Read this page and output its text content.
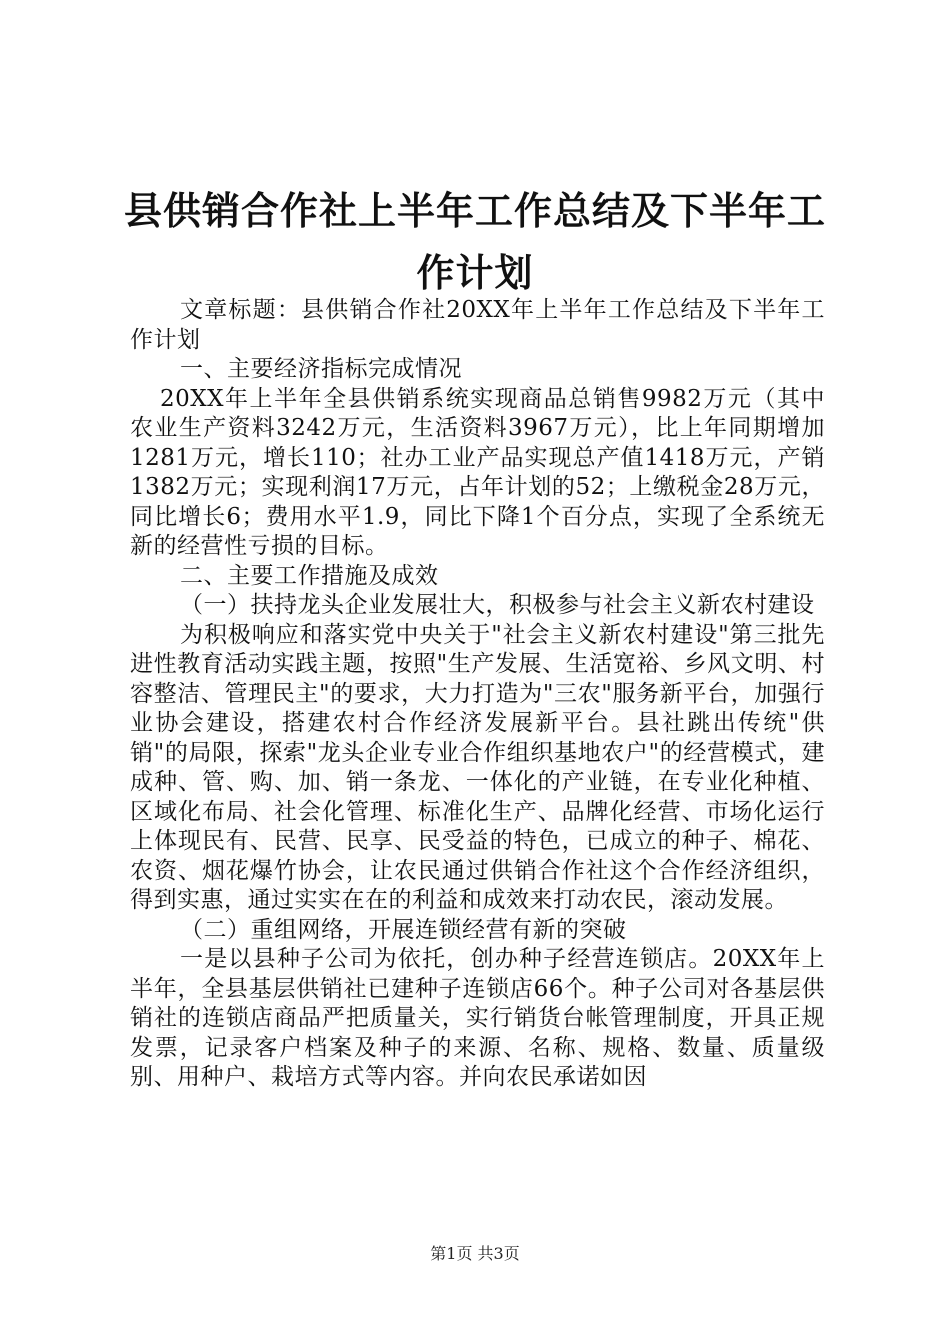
县供销合作社上半年工作总结及下半年工作计划

文章标题：县供销合作社20XX年上半年工作总结及下半年工作计划

一、主要经济指标完成情况

20XX年上半年全县供销系统实现商品总销售9982万元（其中农业生产资料3242万元，生活资料3967万元），比上年同期增加1281万元，增长110；社办工业产品实现总产值1418万元，产销1382万元；实现利润17万元，占年计划的52；上缴税金28万元，同比增长6；费用水平1.9，同比下降1个百分点，实现了全系统无新的经营性亏损的目标。

二、主要工作措施及成效

（一）扶持龙头企业发展壮大，积极参与社会主义新农村建设

为积极响应和落实党中央关于"社会主义新农村建设"第三批先进性教育活动实践主题，按照"生产发展、生活宽裕、乡风文明、村容整洁、管理民主"的要求，大力打造为"三农"服务新平台，加强行业协会建设，搭建农村合作经济发展新平台。县社跳出传统"供销"的局限，探索"龙头企业专业合作组织基地农户"的经营模式，建成种、管、购、加、销一条龙、一体化的产业链，在专业化种植、区域化布局、社会化管理、标准化生产、品牌化经营、市场化运行上体现民有、民营、民享、民受益的特色，已成立的种子、棉花、农资、烟花爆竹协会，让农民通过供销合作社这个合作经济组织，得到实惠，通过实实在在的利益和成效来打动农民，滚动发展。

（二）重组网络，开展连锁经营有新的突破

一是以县种子公司为依托，创办种子经营连锁店。20XX年上半年，全县基层供销社已建种子连锁店66个。种子公司对各基层供销社的连锁店商品严把质量关，实行销货台帐管理制度，开具正规发票，记录客户档案及种子的来源、名称、规格、数量、质量级别、用种户、栽培方式等内容。并向农民承诺如因

第1页 共3页
